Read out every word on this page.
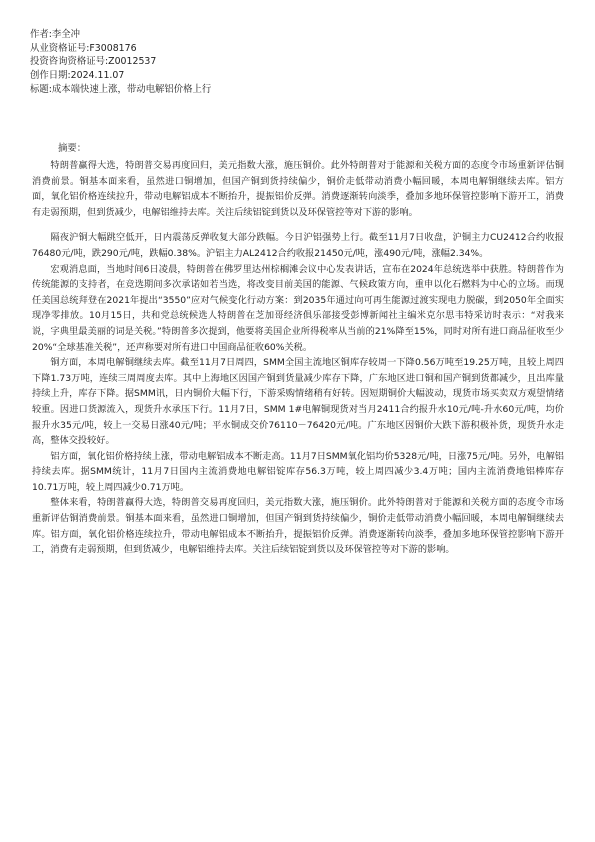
作者:李全冲
从业资格证号:F3008176
投资咨询资格证号:Z0012537
创作日期:2024.11.07
标题:成本端快速上涨，带动电解铝价格上行
摘要：

特朗普赢得大选，特朗普交易再度回归，美元指数大涨，施压铜价。此外特朗普对于能源和关税方面的态度令市场重新评估铜消费前景。铜基本面来看，虽然进口铜增加，但国产铜到货持续偏少，铜价走低带动消费小幅回暖，本周电解铜继续去库。铝方面，氧化铝价格连续拉升，带动电解铝成本不断抬升，提振铝价反弹。消费逐渐转向淡季，叠加多地环保管控影响下游开工，消费有走弱预期，但到货减少，电解铝维持去库。关注后续铝锭到货以及环保管控等对下游的影响。

隔夜沪铜大幅跳空低开，日内震荡反弹收复大部分跌幅。今日沪铝强势上行。截至11月7日收盘，沪铜主力CU2412合约收报76480元/吨，跌290元/吨，跌幅0.38%。沪铝主力AL2412合约收报21450元/吨，涨490元/吨，涨幅2.34%。

宏观消息面，当地时间6日凌晨，特朗普在佛罗里达州棕榈滩会议中心发表讲话，宣布在2024年总统选举中获胜。特朗普作为传统能源的支持者，在竞选期间多次承诺如若当选，将改变目前美国的能源、气候政策方向，重申以化石燃料为中心的立场。而现任美国总统拜登在2021年提出“3550”应对气候变化行动方案：到2035年通过向可再生能源过渡实现电力脱碳，到2050年全面实现净零排放。10月15日，共和党总统候选人特朗普在芝加哥经济俱乐部接受彭博新闻社主编米克尔思韦特采访时表示：“对我来说，字典里最美丽的词是关税。”特朗普多次提到，他要将美国企业所得税率从当前的21%降至15%，同时对所有进口商品征收至少20%“全球基准关税”，还声称要对所有进口中国商品征收60%关税。

铜方面，本周电解铜继续去库。截至11月7日周四，SMM全国主流地区铜库存较周一下降0.56万吨至19.25万吨，且较上周四下降1.73万吨，连续三周周度去库。其中上海地区因国产铜到货量减少库存下降，广东地区进口铜和国产铜到货都减少，且出库量持续上升，库存下降。据SMM讯，日内铜价大幅下行，下游采购情绪稍有好转。因短期铜价大幅波动，现货市场买卖双方观望情绪较重。因进口货源流入，现货升水承压下行。11月7日，SMM 1#电解铜现货对当月2411合约报升水10元/吨-升水60元/吨，均价报升水35元/吨，较上一交易日涨40元/吨；平水铜成交价76110－76420元/吨。广东地区因铜价大跌下游积极补货，现货升水走高，整体交投较好。

铝方面，氧化铝价格持续上涨，带动电解铝成本不断走高。11月7日SMM氧化铝均价5328元/吨，日涨75元/吨。另外，电解铝持续去库。据SMM统计，11月7日国内主流消费地电解铝锭库存56.3万吨，较上周四减少3.4万吨；国内主流消费地铝棒库存10.71万吨，较上周四减少0.71万吨。

整体来看，特朗普赢得大选，特朗普交易再度回归，美元指数大涨，施压铜价。此外特朗普对于能源和关税方面的态度令市场重新评估铜消费前景。铜基本面来看，虽然进口铜增加，但国产铜到货持续偏少，铜价走低带动消费小幅回暖，本周电解铜继续去库。铝方面，氧化铝价格连续拉升，带动电解铝成本不断抬升，提振铝价反弹。消费逐渐转向淡季，叠加多地环保管控影响下游开工，消费有走弱预期，但到货减少，电解铝维持去库。关注后续铝锭到货以及环保管控等对下游的影响。
